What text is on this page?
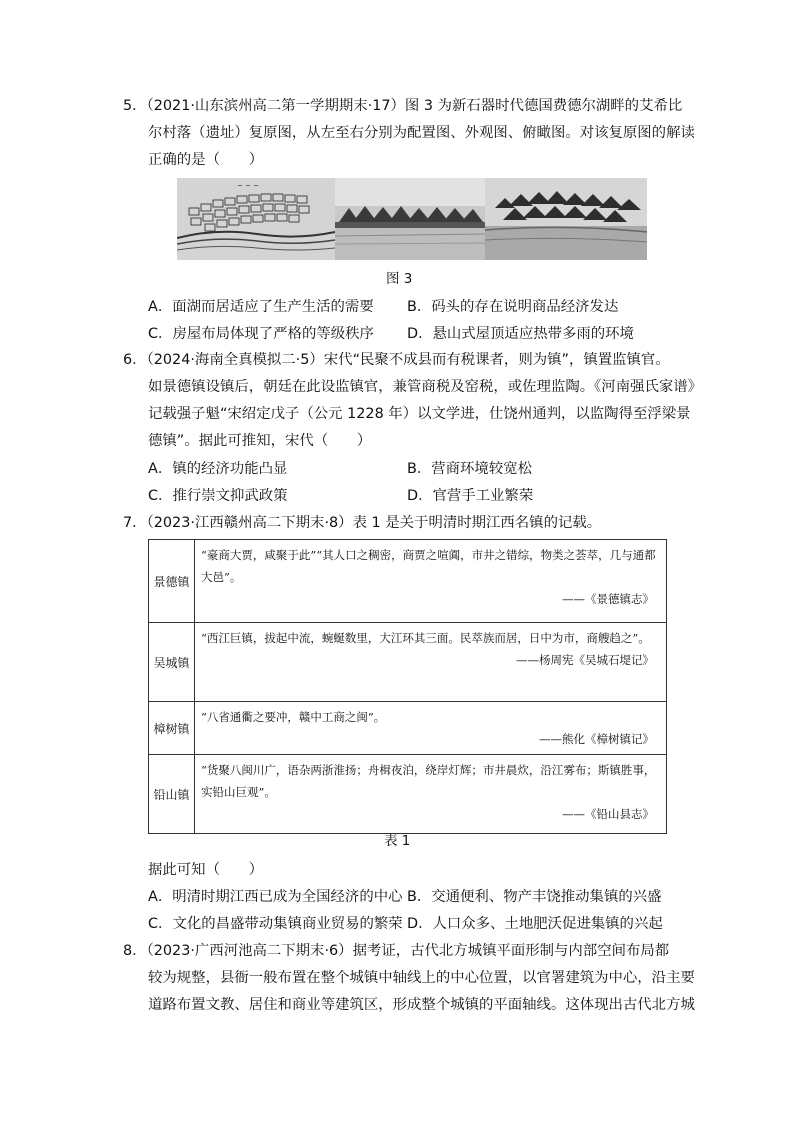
5．（2021·山东滨州高二第一学期期末·17）图 3 为新石器时代德国费德尔湖畔的艾希比
尔村落（遗址）复原图，从左至右分别为配置图、外观图、俯瞰图。对该复原图的解读
正确的是（　　）
~ ~ ~
图 3
A．面湖而居适应了生产生活的需要 B．码头的存在说明商品经济发达
C．房屋布局体现了严格的等级秩序 D．悬山式屋顶适应热带多雨的环境
6．（2024·海南全真模拟二·5）宋代“民聚不成县而有税课者，则为镇”，镇置监镇官。
如景德镇设镇后，朝廷在此设监镇官，兼管商税及窑税，或佐理监陶。《河南强氏家谱》
记载强子魁“宋绍定戊子（公元 1228 年）以文学进，仕饶州通判，以监陶得至浮梁景
德镇”。据此可推知，宋代（　　）
A．镇的经济功能凸显	B．营商环境较宽松
C．推行崇文抑武政策	D．官营手工业繁荣
7．（2023·江西赣州高二下期末·8）表 1 是关于明清时期江西名镇的记载。
景德镇	“豪商大贾，咸聚于此”“其人口之稠密，商贾之喧阗，市井之错综，物类之荟萃，几与通都大邑”。
——《景德镇志》

吴城镇	“西江巨镇，拔起中流，蜿蜒数里，大江环其三面。民萃族而居，日中为市，商艘趋之”。
——杨周宪《吴城石堤记》

樟树镇	“八省通衢之要冲，赣中工商之闽”。
——熊化《樟树镇记》

铅山镇	“货聚八闽川广，语杂两浙淮扬；舟楫夜泊，绕岸灯辉；市井晨炊，沿江雾布；斯镇胜事，实铅山巨观”。
——《铅山县志》
表 1
据此可知（　　）
A．明清时期江西已成为全国经济的中心 B．交通便利、物产丰饶推动集镇的兴盛
C．文化的昌盛带动集镇商业贸易的繁荣 D．人口众多、土地肥沃促进集镇的兴起
8．（2023·广西河池高二下期末·6）据考证，古代北方城镇平面形制与内部空间布局都
较为规整，县衙一般布置在整个城镇中轴线上的中心位置，以官署建筑为中心，沿主要
道路布置文教、居住和商业等建筑区，形成整个城镇的平面轴线。这体现出古代北方城
